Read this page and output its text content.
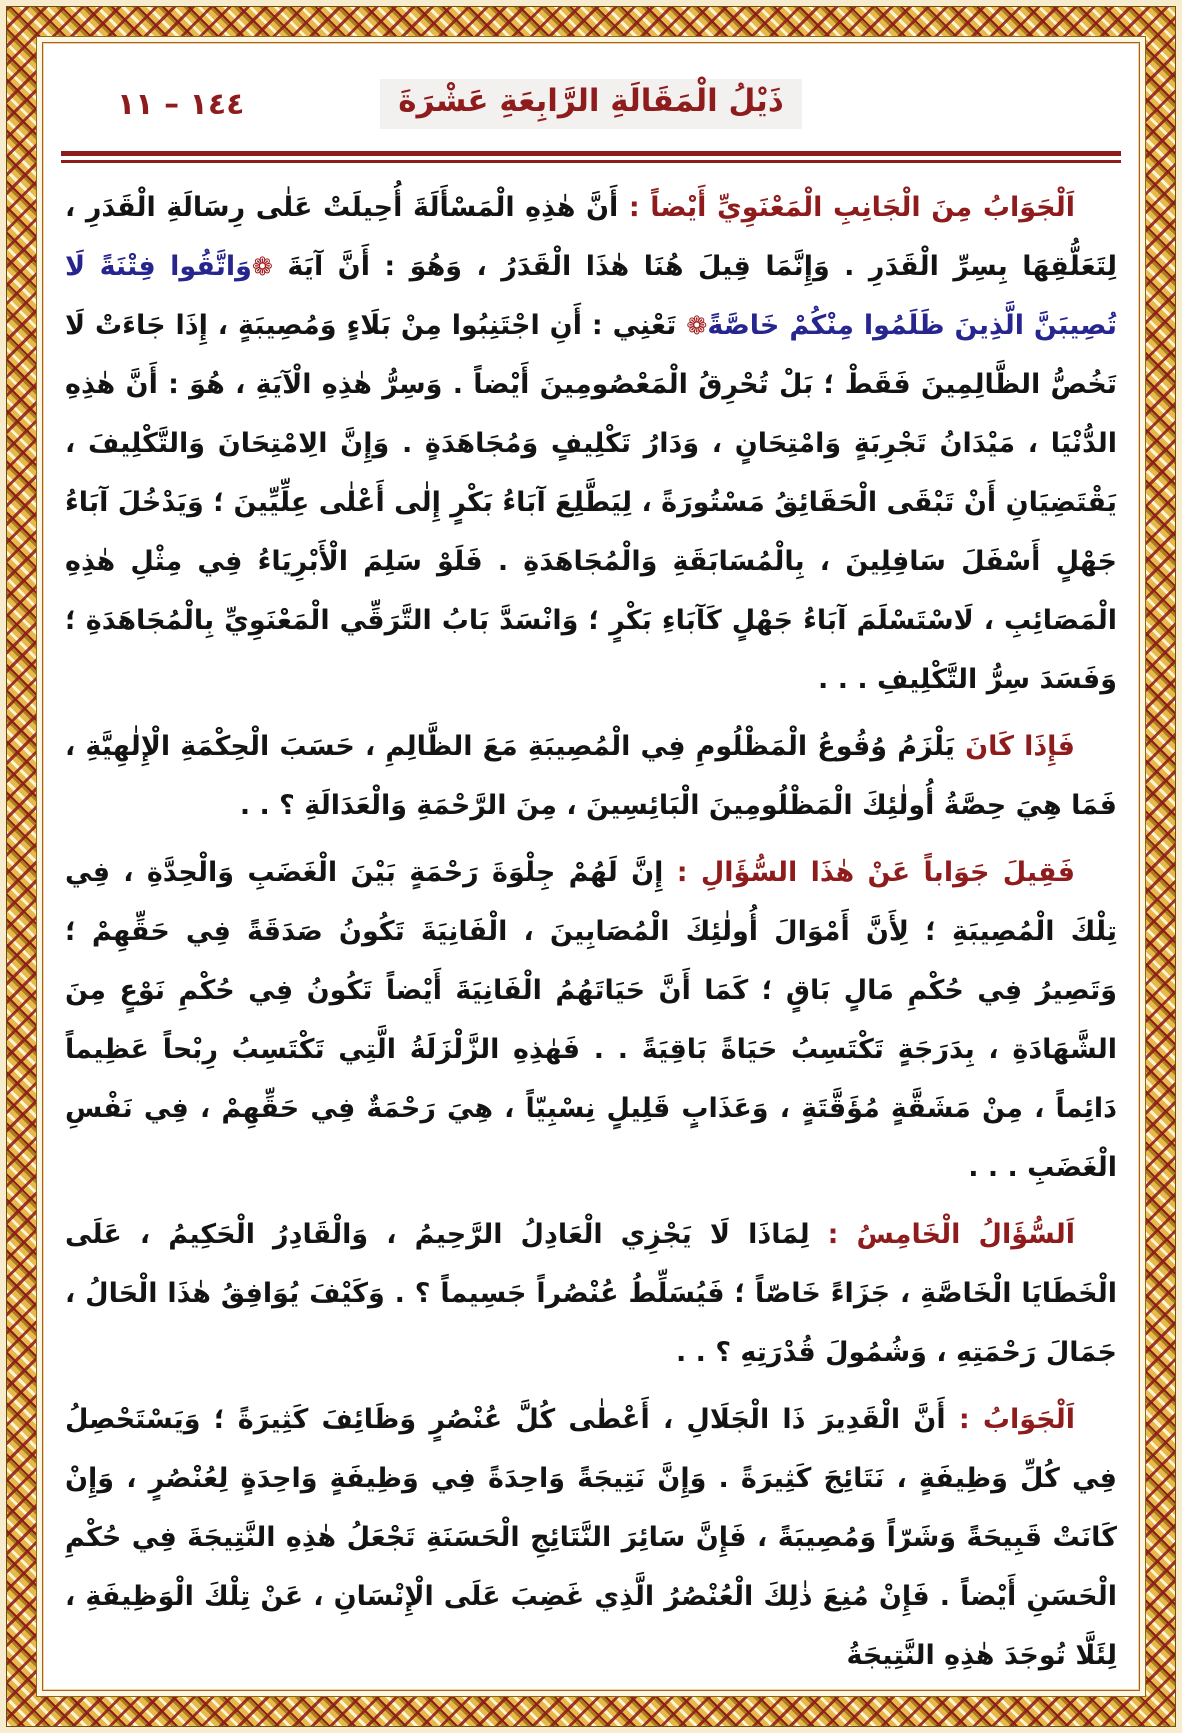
ذَيْلُ الْمَقَالَةِ الرَّابِعَةِ عَشْرَةَ
١٤٤ – ١١

اَلْجَوَابُ مِنَ الْجَانِبِ الْمَعْنَوِيِّ أَيْضاً : أَنَّ هٰذِهِ الْمَسْأَلَةَ أُحِيلَتْ عَلٰى رِسَالَةِ الْقَدَرِ ، لِتَعَلُّقِهَا بِسِرِّ الْقَدَرِ . وَإِنَّمَا قِيلَ هُنَا هٰذَا الْقَدَرُ ، وَهُوَ : أَنَّ آيَةَ ❁وَاتَّقُوا فِتْنَةً لَا تُصِيبَنَّ الَّذِينَ ظَلَمُوا مِنْكُمْ خَاصَّةً❁ تَعْنِي : أَنِ اجْتَنِبُوا مِنْ بَلَاءٍ وَمُصِيبَةٍ ، إِذَا جَاءَتْ لَا تَخُصُّ الظَّالِمِينَ فَقَطْ ؛ بَلْ تُحْرِقُ الْمَعْصُومِينَ أَيْضاً . وَسِرُّ هٰذِهِ الْآيَةِ ، هُوَ : أَنَّ هٰذِهِ الدُّنْيَا ، مَيْدَانُ تَجْرِبَةٍ وَامْتِحَانٍ ، وَدَارُ تَكْلِيفٍ وَمُجَاهَدَةٍ . وَإِنَّ الِامْتِحَانَ وَالتَّكْلِيفَ ، يَقْتَضِيَانِ أَنْ تَبْقَى الْحَقَائِقُ مَسْتُورَةً ، لِيَطَّلِعَ آبَاءُ بَكْرٍ إِلٰى أَعْلٰى عِلِّيِّينَ ؛ وَيَدْخُلَ آبَاءُ جَهْلٍ أَسْفَلَ سَافِلِينَ ، بِالْمُسَابَقَةِ وَالْمُجَاهَدَةِ . فَلَوْ سَلِمَ الْأَبْرِيَاءُ فِي مِثْلِ هٰذِهِ الْمَصَائِبِ ، لَاسْتَسْلَمَ آبَاءُ جَهْلٍ كَآبَاءِ بَكْرٍ ؛ وَانْسَدَّ بَابُ التَّرَقِّي الْمَعْنَوِيِّ بِالْمُجَاهَدَةِ ؛ وَفَسَدَ سِرُّ التَّكْلِيفِ . . .

فَإِذَا كَانَ يَلْزَمُ وُقُوعُ الْمَظْلُومِ فِي الْمُصِيبَةِ مَعَ الظَّالِمِ ، حَسَبَ الْحِكْمَةِ الْإِلٰهِيَّةِ ، فَمَا هِيَ حِصَّةُ أُولٰئِكَ الْمَظْلُومِينَ الْبَائِسِينَ ، مِنَ الرَّحْمَةِ وَالْعَدَالَةِ ؟ . .

فَقِيلَ جَوَاباً عَنْ هٰذَا السُّؤَالِ : إِنَّ لَهُمْ جِلْوَةَ رَحْمَةٍ بَيْنَ الْغَضَبِ وَالْحِدَّةِ ، فِي تِلْكَ الْمُصِيبَةِ ؛ لِأَنَّ أَمْوَالَ أُولٰئِكَ الْمُصَابِينَ ، الْفَانِيَةَ تَكُونُ صَدَقَةً فِي حَقِّهِمْ ؛ وَتَصِيرُ فِي حُكْمِ مَالٍ بَاقٍ ؛ كَمَا أَنَّ حَيَاتَهُمُ الْفَانِيَةَ أَيْضاً تَكُونُ فِي حُكْمِ نَوْعٍ مِنَ الشَّهَادَةِ ، بِدَرَجَةٍ تَكْتَسِبُ حَيَاةً بَاقِيَةً . . فَهٰذِهِ الزَّلْزَلَةُ الَّتِي تَكْتَسِبُ رِبْحاً عَظِيماً دَائِماً ، مِنْ مَشَقَّةٍ مُؤَقَّتَةٍ ، وَعَذَابٍ قَلِيلٍ نِسْبِيّاً ، هِيَ رَحْمَةٌ فِي حَقِّهِمْ ، فِي نَفْسِ الْغَضَبِ . . .

اَلسُّؤَالُ الْخَامِسُ : لِمَاذَا لَا يَجْزِي الْعَادِلُ الرَّحِيمُ ، وَالْقَادِرُ الْحَكِيمُ ، عَلَى الْخَطَايَا الْخَاصَّةِ ، جَزَاءً خَاصّاً ؛ فَيُسَلِّطُ عُنْصُراً جَسِيماً ؟ . وَكَيْفَ يُوَافِقُ هٰذَا الْحَالُ ، جَمَالَ رَحْمَتِهِ ، وَشُمُولَ قُدْرَتِهِ ؟ . .

اَلْجَوَابُ : أَنَّ الْقَدِيرَ ذَا الْجَلَالِ ، أَعْطٰى كُلَّ عُنْصُرٍ وَظَائِفَ كَثِيرَةً ؛ وَيَسْتَحْصِلُ فِي كُلِّ وَظِيفَةٍ ، نَتَائِجَ كَثِيرَةً . وَإِنَّ نَتِيجَةً وَاحِدَةً فِي وَظِيفَةٍ وَاحِدَةٍ لِعُنْصُرٍ ، وَإِنْ كَانَتْ قَبِيحَةً وَشَرّاً وَمُصِيبَةً ، فَإِنَّ سَائِرَ النَّتَائِجِ الْحَسَنَةِ تَجْعَلُ هٰذِهِ النَّتِيجَةَ فِي حُكْمِ الْحَسَنِ أَيْضاً . فَإِنْ مُنِعَ ذٰلِكَ الْعُنْصُرُ الَّذِي غَضِبَ عَلَى الْإِنْسَانِ ، عَنْ تِلْكَ الْوَظِيفَةِ ، لِئَلَّا تُوجَدَ هٰذِهِ النَّتِيجَةُ
